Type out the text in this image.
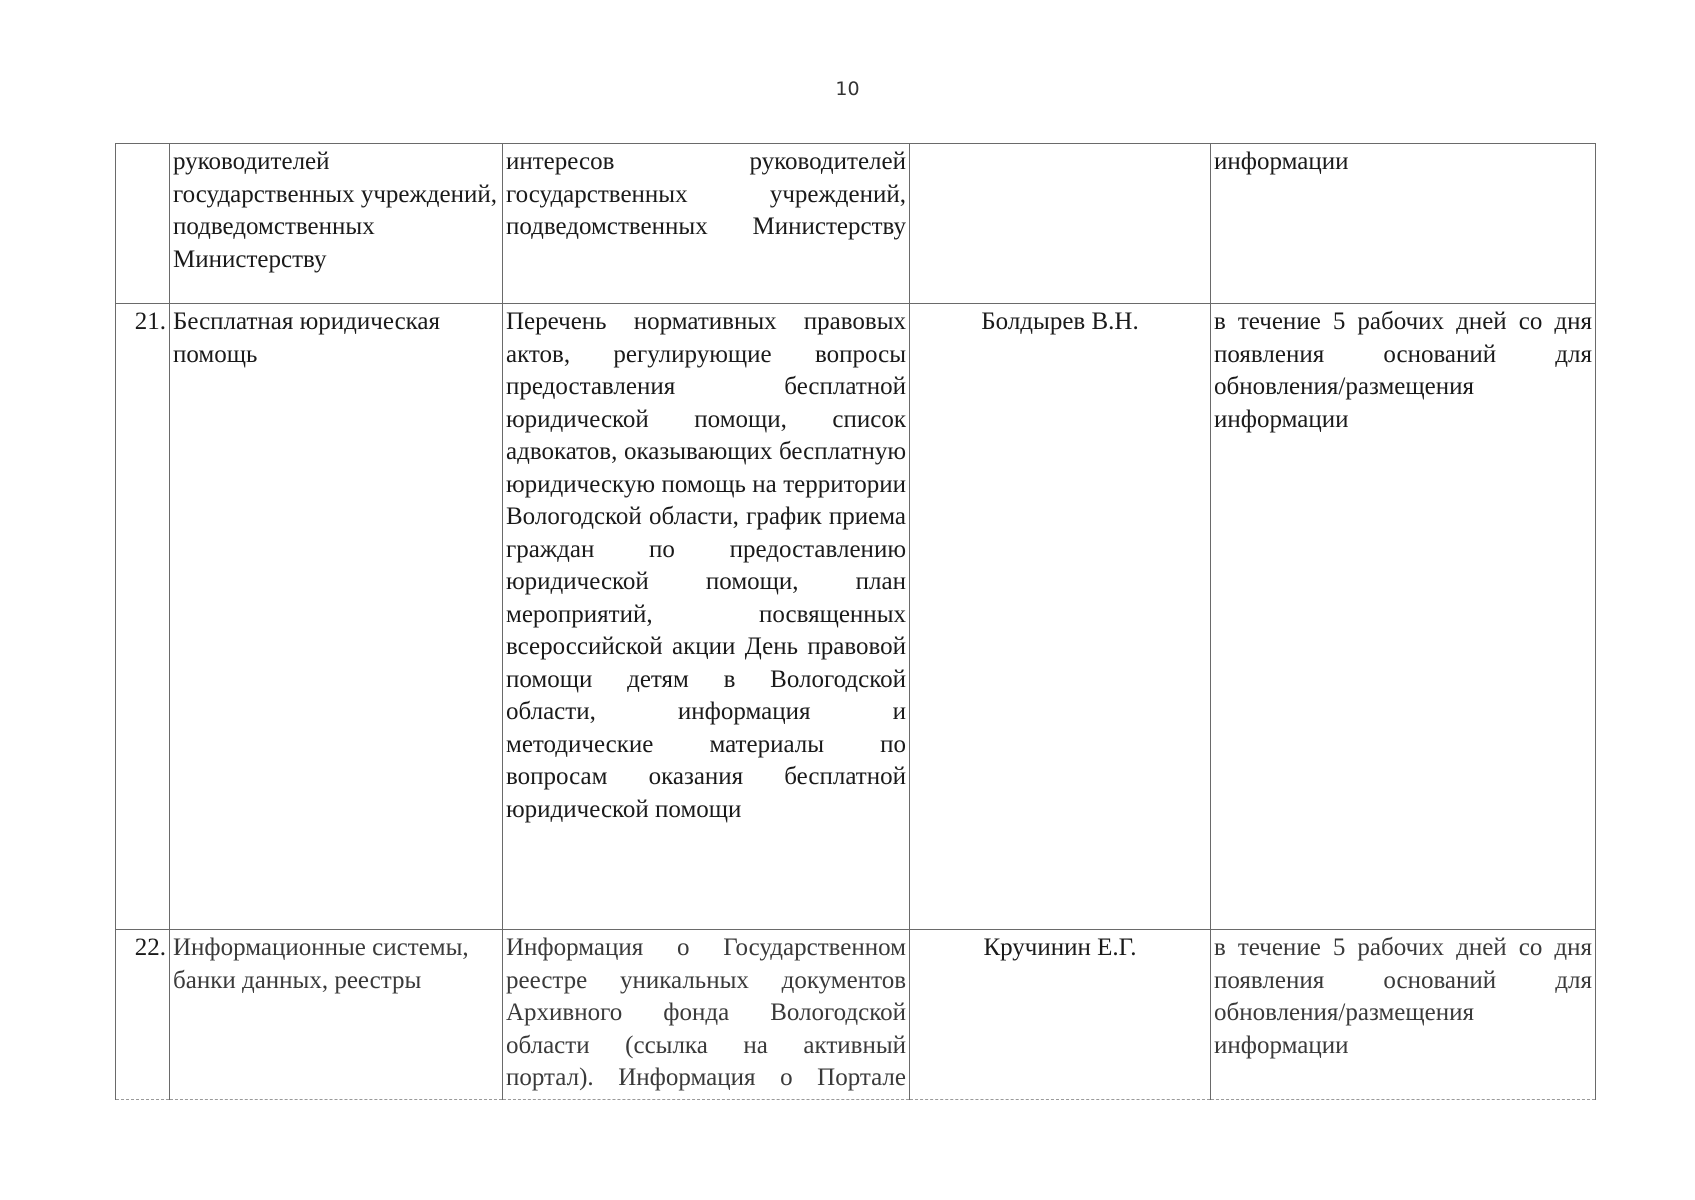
10
	руководителей государственных учреждений, подведомственных Министерству	интересов руководителей государственных учреждений, подведомственных Министерству		информации
21.	Бесплатная юридическая помощь	Перечень нормативных правовых актов, регулирующие вопросы предоставления бесплатной юридической помощи, список адвокатов, оказывающих бесплатную юридическую помощь на территории Вологодской области, график приема граждан по предоставлению юридической помощи, план мероприятий, посвященных всероссийской акции День правовой помощи детям в Вологодской области, информация и методические материалы по вопросам оказания бесплатной юридической помощи	Болдырев В.Н.	в течение 5 рабочих дней со дня появления оснований для обновления/размещения информации
22.	Информационные системы, банки данных, реестры	Информация о Государственном реестре уникальных документов Архивного фонда Вологодской области (ссылка на активный портал). Информация о Портале	Кручинин Е.Г.	в течение 5 рабочих дней со дня появления оснований для обновления/размещения информации
